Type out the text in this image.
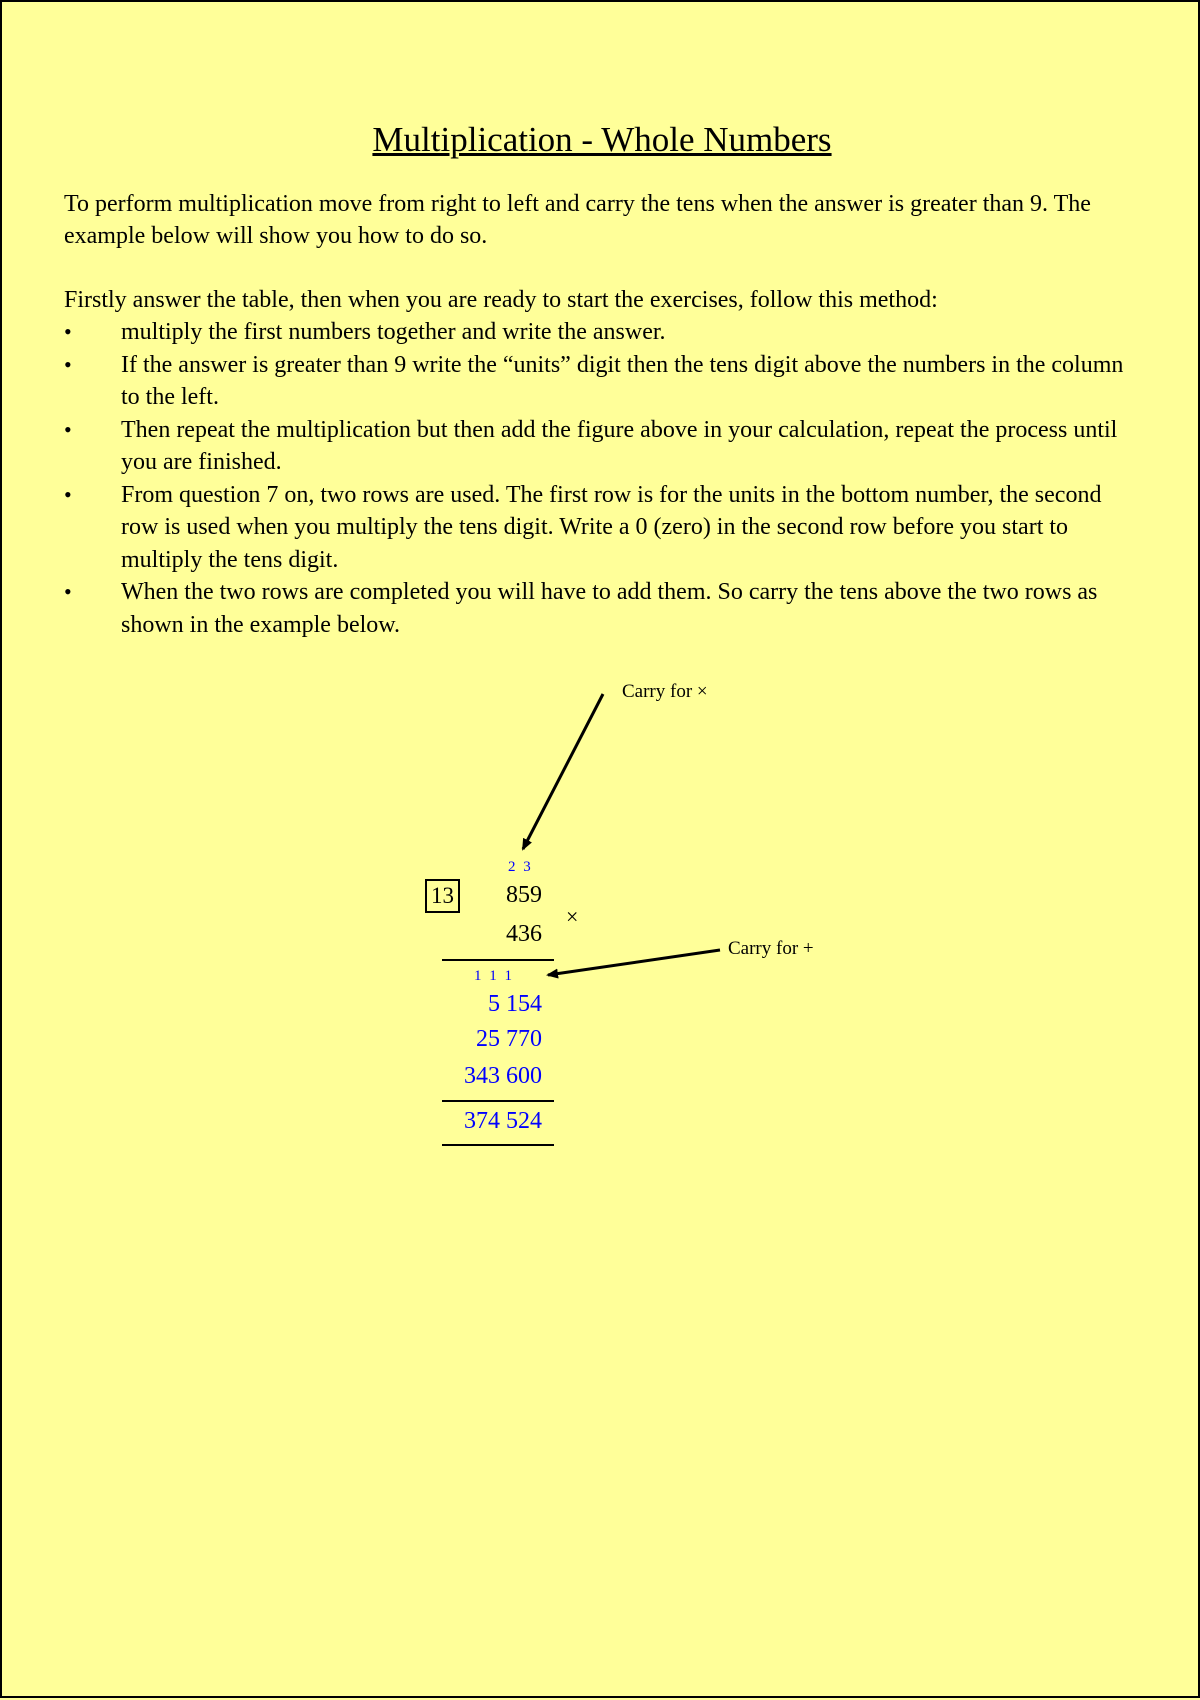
Multiplication - Whole Numbers

To perform multiplication move from right to left and carry the tens when the answer is greater than 9. The example below will show you how to do so.

Firstly answer the table, then when you are ready to start the exercises, follow this method:

• multiply the first numbers together and write the answer.
• If the answer is greater than 9 write the “units” digit then the tens digit above the numbers in the column to the left.
• Then repeat the multiplication but then add the figure above in your calculation, repeat the process until you are finished.
• From question 7 on, two rows are used. The first row is for the units in the bottom number, the second row is used when you multiply the tens digit. Write a 0 (zero) in the second row before you start to multiply the tens digit.
• When the two rows are completed you will have to add them. So carry the tens above the two rows as shown in the example below.
Carry for ×
Carry for +
2 3
13	859
×
436
1 1 1
5 154
25 770
343 600
374 524
